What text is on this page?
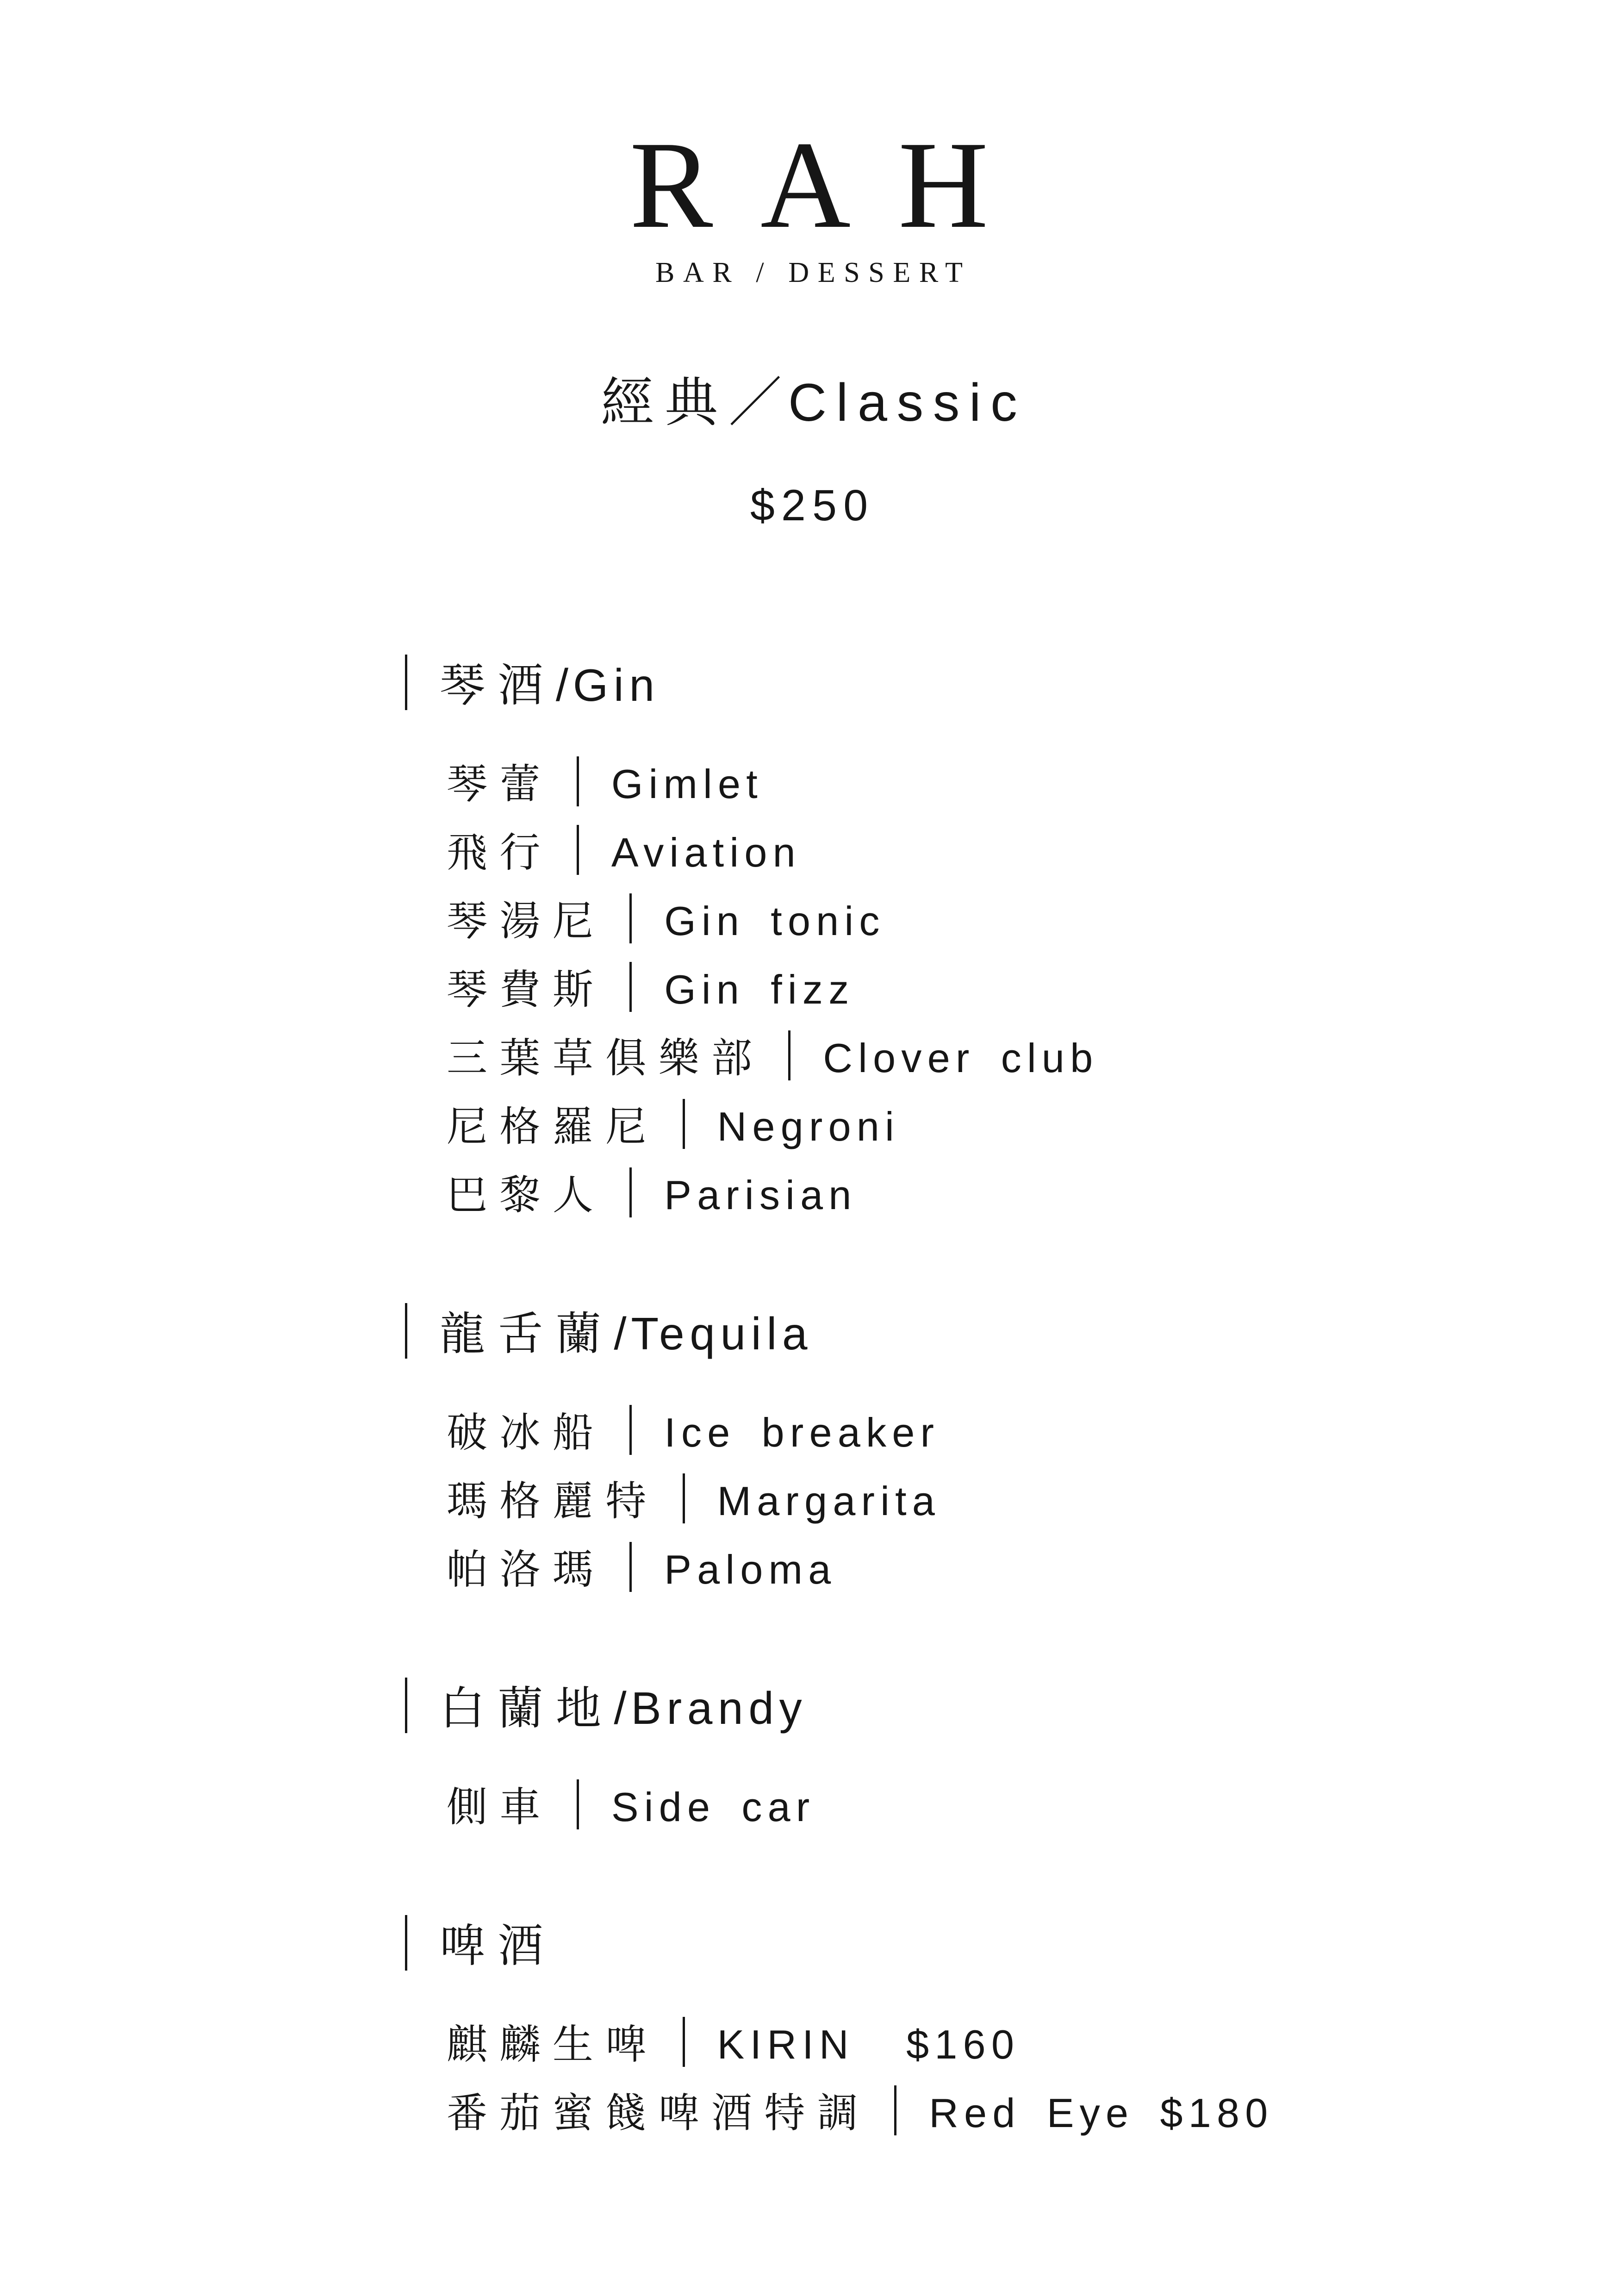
RAH
BAR / DESSERT
經典／Classic
$250
琴酒/Gin
琴蕾 Gimlet
飛行 Aviation
琴湯尼 Gin tonic
琴費斯 Gin fizz
三葉草俱樂部 Clover club
尼格羅尼 Negroni
巴黎人 Parisian
龍舌蘭/Tequila
破冰船 Ice breaker
瑪格麗特 Margarita
帕洛瑪 Paloma
白蘭地/Brandy
側車 Side car
啤酒
麒麟生啤 KIRIN  $160
番茄蜜餞啤酒特調 Red Eye $180
